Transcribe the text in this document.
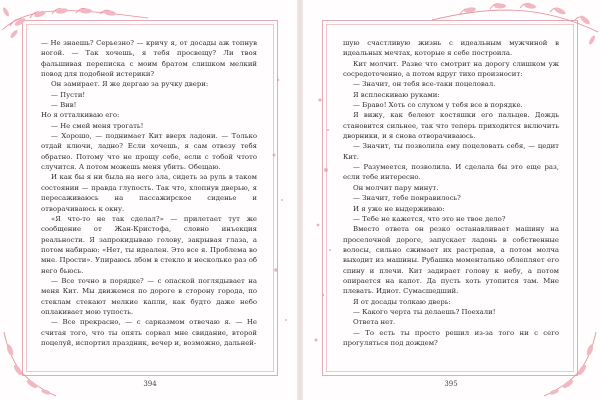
— Не знаешь? Серьезно? — кричу я, от досады аж топнув ногой. — Так хочешь, я тебя просвещу? Ли твоя фальшивая переписка с моим братом слишком мелкий повод для подобной истерики?

Он замирает. Я же дергаю за ручку двери:

— Пусти!

— Вив!

Но я отталкиваю его:

— Не смей меня трогать!

— Хорошо, — поднимает Кит вверх ладони. — Только отдай ключи, ладно? Если хочешь, я сам отвезу тебя обратно. Потому что не прощу себе, если с тобой чтото случится. А потом можешь меня убить. Обещаю.

И как бы я ни была на него зла, сидеть за руль в таком состоянии — правда глупость. Так что, хлопнув дверью, я пересаживаюсь на пассажирское сиденье и отворачиваюсь к окну.

«Я что-то не так сделал?» — прилетает тут же сообщение от Жан-Кристофа, словно инъекция реальности. Я запрокидываю голову, закрывая глаза, а потом набираю: «Нет, ты идеален. Это все я. Проблема во мне. Прости». Упираюсь лбом в стекло и несколько раз об него бьюсь.

— Все точно в порядке? — с опаской поглядывает на меня Кит. Мы движемся по дороге в сторону города, по стеклам стекают мелкие капли, как будто даже небо оплакивает мою тупость.

— Все прекрасно, — с сарказмом отвечаю я. — Не считая того, что ты опять сорвал мне свидание, второй поцелуй, испортил праздник, вечер и, возможно, дальней-

394

шую счастливую жизнь с идеальным мужчиной в идеальных мечтах, которые я себе построила.

Кит молчит. Разве что смотрит на дорогу слишком уж сосредоточенно, а потом вдруг тихо произносит:

— Значит, он тебя все-таки поцеловал.

Я всплескиваю руками:

— Браво! Хоть со слухом у тебя все в порядке.

Я вижу, как белеют костяшки его пальцев. Дождь становится сильнее, так что теперь приходится включить дворники, и я снова отворачиваюсь.

— Значит, ты позволила ему поцеловать себя, — цедит Кит.

— Разумеется, позволила. И сделала бы это еще раз, если тебе интересно.

Он молчит пару минут.

— Значит, тебе понравилось?

И я уже не выдерживаю:

— Тебе не кажется, что это не твое дело?

Вместо ответа он резко останавливает машину на проселочной дороге, запускает ладонь в собственные волосы, сильно сжимает их растрепав, а потом молча выходит из машины. Рубашка моментально облепляет его спину и плечи. Кит задирает голову к небу, а потом опирается на капот. Да пусть хоть утопится там. Мне плевать. Идиот. Сумасшедший.

Я от досады толкаю дверь:

— Какого черта ты делаешь? Поехали!

Ответа нет.

— То есть ты просто решил из-за того ни с сего прогуляться под дождем?

395
